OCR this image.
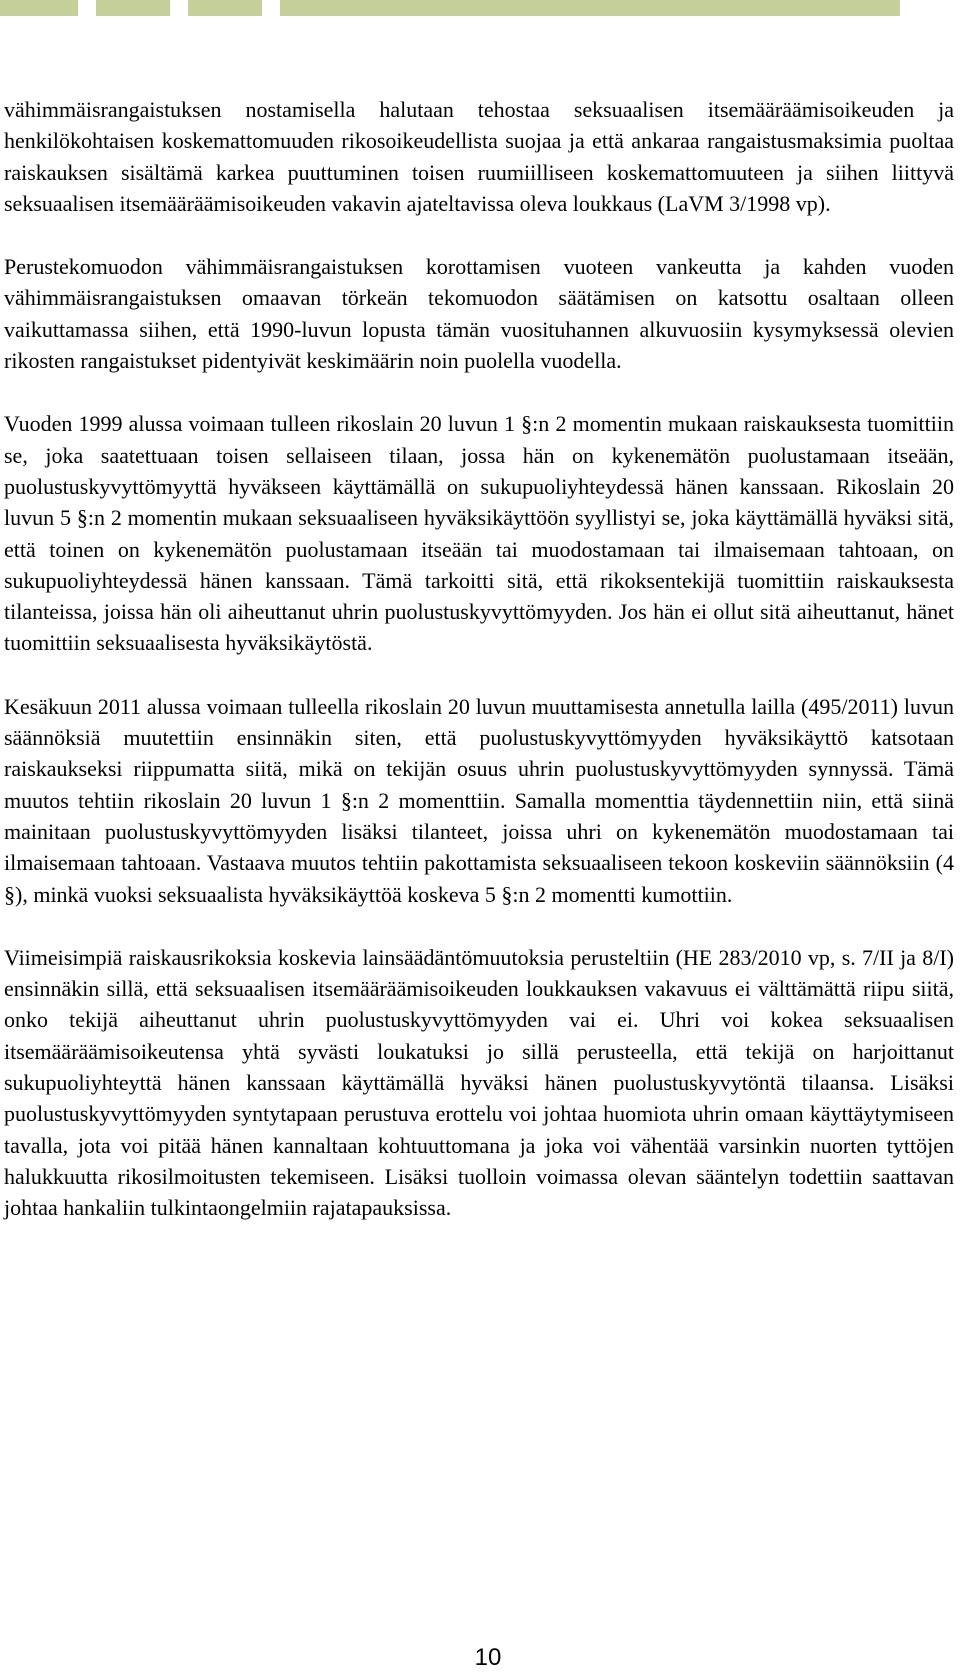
vähimmäisrangaistuksen nostamisella halutaan tehostaa seksuaalisen itsemääräämisoikeuden ja henkilökohtaisen koskemattomuuden rikosoikeudellista suojaa ja että ankaraa rangaistusmaksimia puoltaa raiskauksen sisältämä karkea puuttuminen toisen ruumiilliseen koskemattomuuteen ja siihen liittyvä seksuaalisen itsemääräämisoikeuden vakavin ajateltavissa oleva loukkaus (LaVM 3/1998 vp).

Perustekomuodon vähimmäisrangaistuksen korottamisen vuoteen vankeutta ja kahden vuoden vähimmäisrangaistuksen omaavan törkeän tekomuodon säätämisen on katsottu osaltaan olleen vaikuttamassa siihen, että 1990-luvun lopusta tämän vuosituhannen alkuvuosiin kysymyksessä olevien rikosten rangaistukset pidentyivät keskimäärin noin puolella vuodella.

Vuoden 1999 alussa voimaan tulleen rikoslain 20 luvun 1 §:n 2 momentin mukaan raiskauksesta tuomittiin se, joka saatettuaan toisen sellaiseen tilaan, jossa hän on kykenemätön puolustamaan itseään, puolustuskyvyttömyyttä hyväkseen käyttämällä on sukupuoliyhteydessä hänen kanssaan. Rikoslain 20 luvun 5 §:n 2 momentin mukaan seksuaaliseen hyväksikäyttöön syyllistyi se, joka käyttämällä hyväksi sitä, että toinen on kykenemätön puolustamaan itseään tai muodostamaan tai ilmaisemaan tahtoaan, on sukupuoliyhteydessä hänen kanssaan. Tämä tarkoitti sitä, että rikoksentekijä tuomittiin raiskauksesta tilanteissa, joissa hän oli aiheuttanut uhrin puolustuskyvyttömyyden. Jos hän ei ollut sitä aiheuttanut, hänet tuomittiin seksuaalisesta hyväksikäytöstä.

Kesäkuun 2011 alussa voimaan tulleella rikoslain 20 luvun muuttamisesta annetulla lailla (495/2011) luvun säännöksiä muutettiin ensinnäkin siten, että puolustuskyvyttömyyden hyväksikäyttö katsotaan raiskaukseksi riippumatta siitä, mikä on tekijän osuus uhrin puolustuskyvyttömyyden synnyssä. Tämä muutos tehtiin rikoslain 20 luvun 1 §:n 2 momenttiin. Samalla momenttia täydennettiin niin, että siinä mainitaan puolustuskyvyttömyyden lisäksi tilanteet, joissa uhri on kykenemätön muodostamaan tai ilmaisemaan tahtoaan. Vastaava muutos tehtiin pakottamista seksuaaliseen tekoon koskeviin säännöksiin (4 §), minkä vuoksi seksuaalista hyväksikäyttöä koskeva 5 §:n 2 momentti kumottiin.

Viimeisimpiä raiskausrikoksia koskevia lainsäädäntömuutoksia perusteltiin (HE 283/2010 vp, s. 7/II ja 8/I) ensinnäkin sillä, että seksuaalisen itsemääräämisoikeuden loukkauksen vakavuus ei välttämättä riipu siitä, onko tekijä aiheuttanut uhrin puolustuskyvyttömyyden vai ei. Uhri voi kokea seksuaalisen itsemääräämisoikeutensa yhtä syvästi loukatuksi jo sillä perusteella, että tekijä on harjoittanut sukupuoliyhteyttä hänen kanssaan käyttämällä hyväksi hänen puolustuskyvytöntä tilaansa. Lisäksi puolustuskyvyttömyyden syntytapaan perustuva erottelu voi johtaa huomiota uhrin omaan käyttäytymiseen tavalla, jota voi pitää hänen kannaltaan kohtuuttomana ja joka voi vähentää varsinkin nuorten tyttöjen halukkuutta rikosilmoitusten tekemiseen. Lisäksi tuolloin voimassa olevan sääntelyn todettiin saattavan johtaa hankaliin tulkintaongelmiin rajatapauksissa.

10
